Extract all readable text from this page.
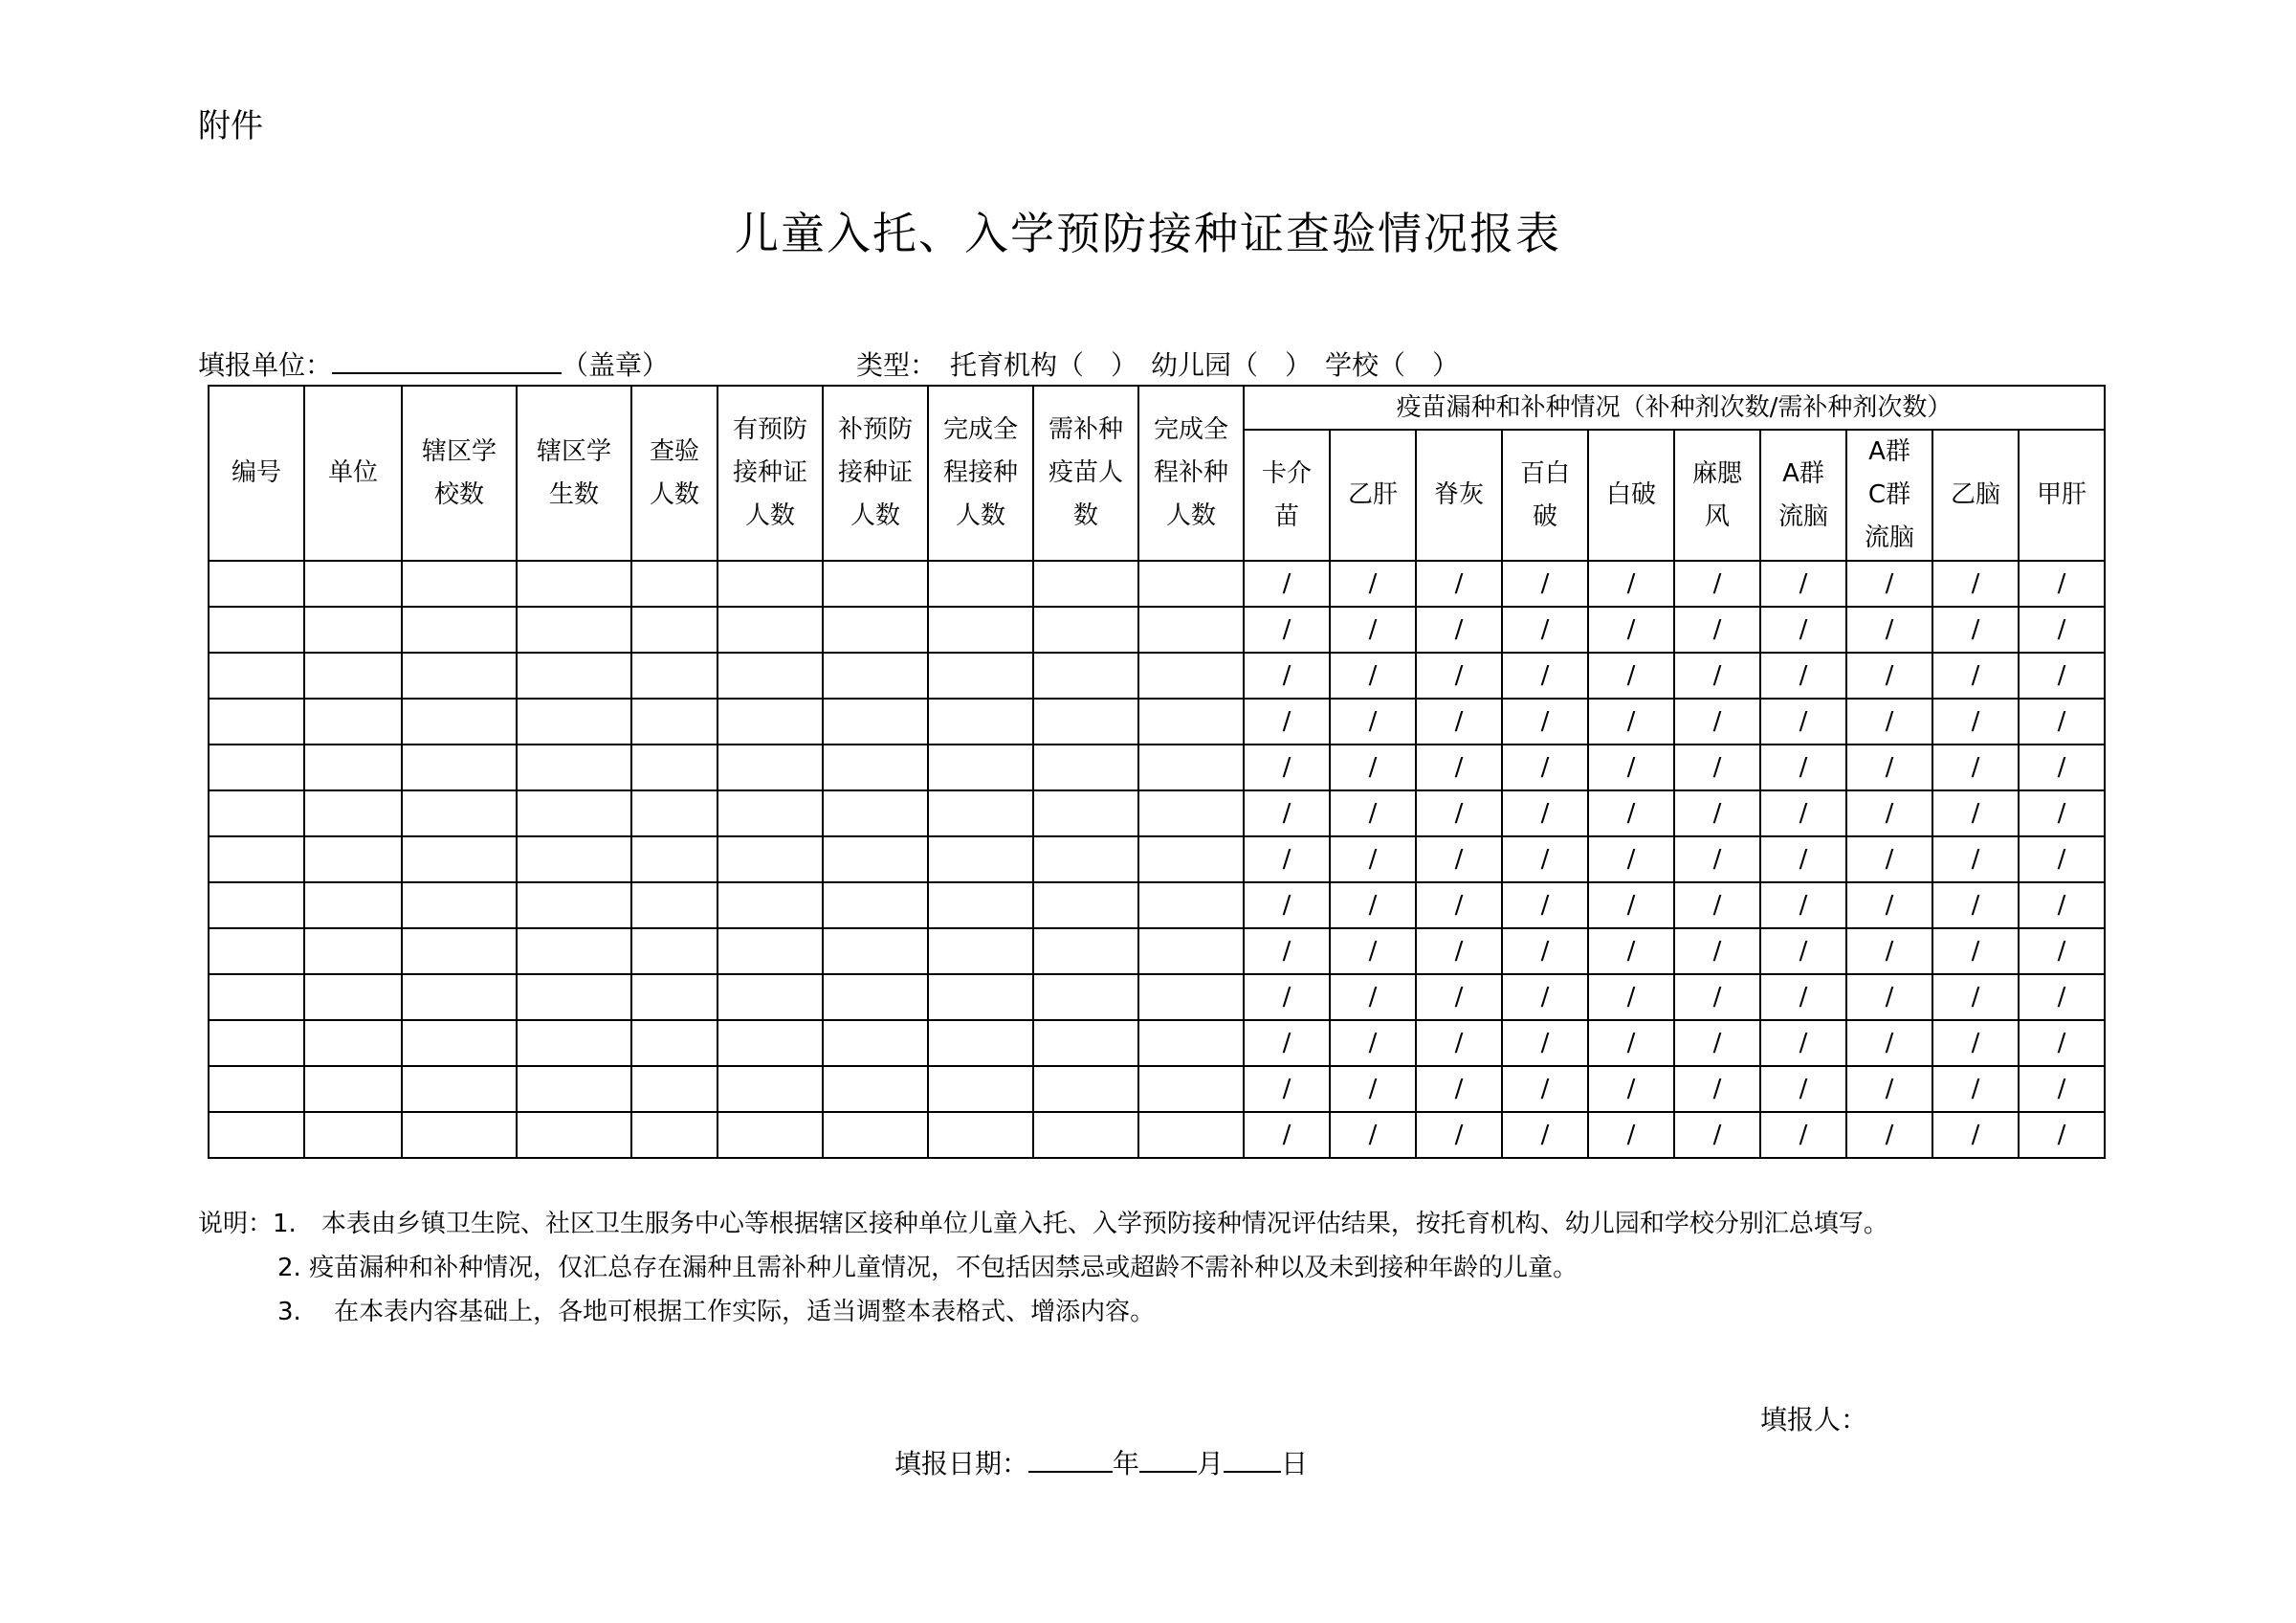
附件
儿童入托、入学预防接种证查验情况报表
填报单位：	（盖章）	类型：　 托育机构（　）　幼儿园（　）　学校（　）
编号	单位	辖区学校数	辖区学生数	查验人数	有预防接种证人数	补预防接种证人数	完成全程接种人数	需补种疫苗人数	完成全程补种人数	疫苗漏种和补种情况（补种剂次数/需补种剂次数）									
										卡介苗	乙肝	脊灰	百白破	白破	麻腮风	A群流脑	A群C群流脑	乙脑	甲肝
										/	/	/	/	/	/	/	/	/	/
										/	/	/	/	/	/	/	/	/	/
										/	/	/	/	/	/	/	/	/	/
										/	/	/	/	/	/	/	/	/	/
										/	/	/	/	/	/	/	/	/	/
										/	/	/	/	/	/	/	/	/	/
										/	/	/	/	/	/	/	/	/	/
										/	/	/	/	/	/	/	/	/	/
										/	/	/	/	/	/	/	/	/	/
										/	/	/	/	/	/	/	/	/	/
										/	/	/	/	/	/	/	/	/	/
										/	/	/	/	/	/	/	/	/	/
										/	/	/	/	/	/	/	/	/	/
说明：1.　本表由乡镇卫生院、社区卫生服务中心等根据辖区接种单位儿童入托、入学预防接种情况评估结果，按托育机构、幼儿园和学校分别汇总填写。
2. 疫苗漏种和补种情况，仅汇总存在漏种且需补种儿童情况，不包括因禁忌或超龄不需补种以及未到接种年龄的儿童。
3.　 在本表内容基础上，各地可根据工作实际，适当调整本表格式、增添内容。
填报人：
填报日期：	年 月 日
